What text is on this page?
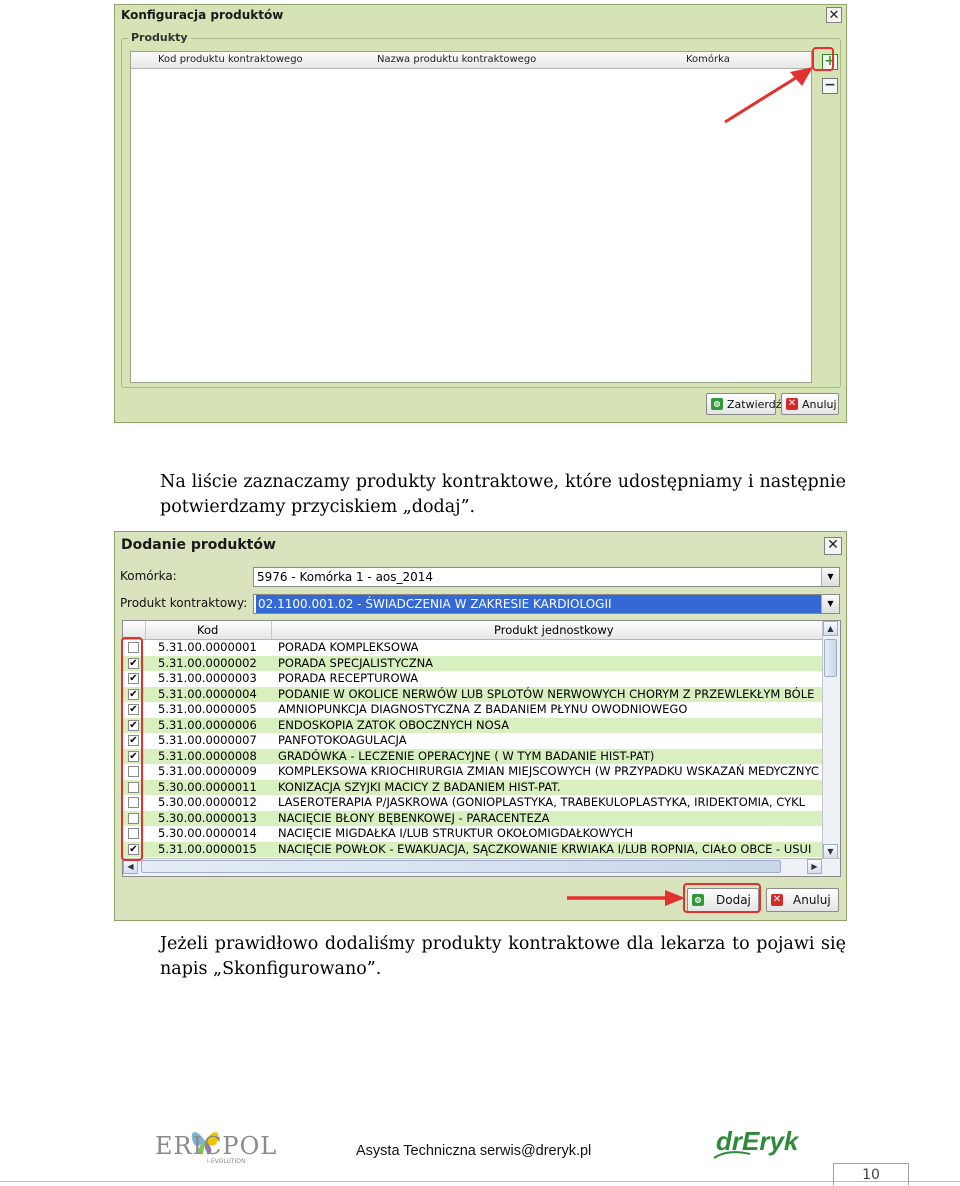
Konfiguracja produktów	✕
Produkty
Kod produktu kontraktowego	Nazwa produktu kontraktowego	Komórka	+
−
Zatwierdź ✕ Anuluj
Na liście zaznaczamy produkty kontraktowe, które udostępniamy i następnie potwierdzamy przyciskiem „dodaj”.
Dodanie produktów	✕
Komórka:	5976 - Komórka 1 - aos_2014	▼
Produkt kontraktowy: 02.1100.001.02 - ŚWIADCZENIA W ZAKRESIE KARDIOLOGII	▼
Kod	Produkt jednostkowy
5.31.00.0000001 PORADA KOMPLEKSOWA
✔ 5.31.00.0000002 PORADA SPECJALISTYCZNA
✔ 5.31.00.0000003 PORADA RECEPTUROWA
✔ 5.31.00.0000004 PODANIE W OKOLICE NERWÓW LUB SPLOTÓW NERWOWYCH CHORYM Z PRZEWLEKŁYM BÓLE
✔ 5.31.00.0000005 AMNIOPUNKCJA DIAGNOSTYCZNA Z BADANIEM PŁYNU OWODNIOWEGO
✔ 5.31.00.0000006 ENDOSKOPIA ZATOK OBOCZNYCH NOSA
✔ 5.31.00.0000007 PANFOTOKOAGULACJA
✔ 5.31.00.0000008 GRADÓWKA - LECZENIE OPERACYJNE ( W TYM BADANIE HIST-PAT)
5.31.00.0000009 KOMPLEKSOWA KRIOCHIRURGIA ZMIAN MIEJSCOWYCH (W PRZYPADKU WSKAZAŃ MEDYCZNYC
5.30.00.0000011 KONIZACJA SZYJKI MACICY Z BADANIEM HIST-PAT.
5.30.00.0000012 LASEROTERAPIA P/JASKROWA (GONIOPLASTYKA, TRABEKULOPLASTYKA, IRIDEKTOMIA, CYKL
5.30.00.0000013 NACIĘCIE BŁONY BĘBENKOWEJ - PARACENTEZA
5.30.00.0000014 NACIĘCIE MIGDAŁKA I/LUB STRUKTUR OKOŁOMIGDAŁKOWYCH
✔ 5.31.00.0000015 NACIĘCIE POWŁOK - EWAKUACJA, SĄCZKOWANIE KRWIAKA I/LUB ROPNIA, CIAŁO OBCE - USUI
▲
▼
◀	▶
Dodaj ✕ Anuluj
Jeżeli prawidłowo dodaliśmy produkty kontraktowe dla lekarza to pojawi się napis „Skonfigurowano”.
ERICPOL
i-EVOLUTION
Asysta Techniczna serwis@dreryk.pl	drEryk
10
